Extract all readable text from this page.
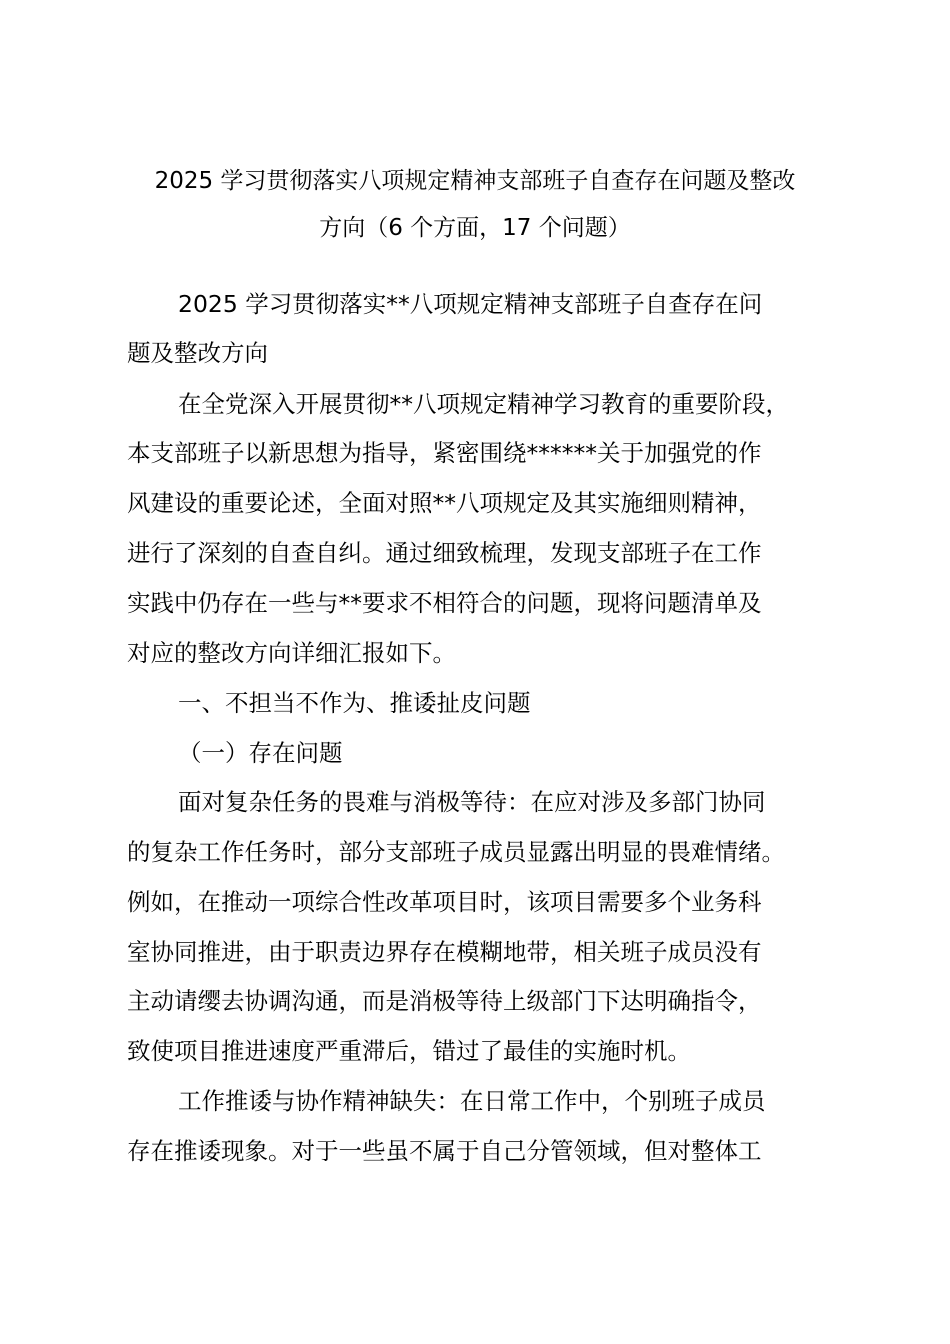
2025 学习贯彻落实八项规定精神支部班子自查存在问题及整改
方向（6 个方面，17 个问题）
2025 学习贯彻落实**八项规定精神支部班子自查存在问
题及整改方向
在全党深入开展贯彻**八项规定精神学习教育的重要阶段，
本支部班子以新思想为指导，紧密围绕******关于加强党的作
风建设的重要论述，全面对照**八项规定及其实施细则精神，
进行了深刻的自查自纠。通过细致梳理，发现支部班子在工作
实践中仍存在一些与**要求不相符合的问题，现将问题清单及
对应的整改方向详细汇报如下。
一、不担当不作为、推诿扯皮问题
（一）存在问题
面对复杂任务的畏难与消极等待：在应对涉及多部门协同
的复杂工作任务时，部分支部班子成员显露出明显的畏难情绪。
例如，在推动一项综合性改革项目时，该项目需要多个业务科
室协同推进，由于职责边界存在模糊地带，相关班子成员没有
主动请缨去协调沟通，而是消极等待上级部门下达明确指令，
致使项目推进速度严重滞后，错过了最佳的实施时机。
工作推诿与协作精神缺失：在日常工作中，个别班子成员
存在推诿现象。对于一些虽不属于自己分管领域，但对整体工
